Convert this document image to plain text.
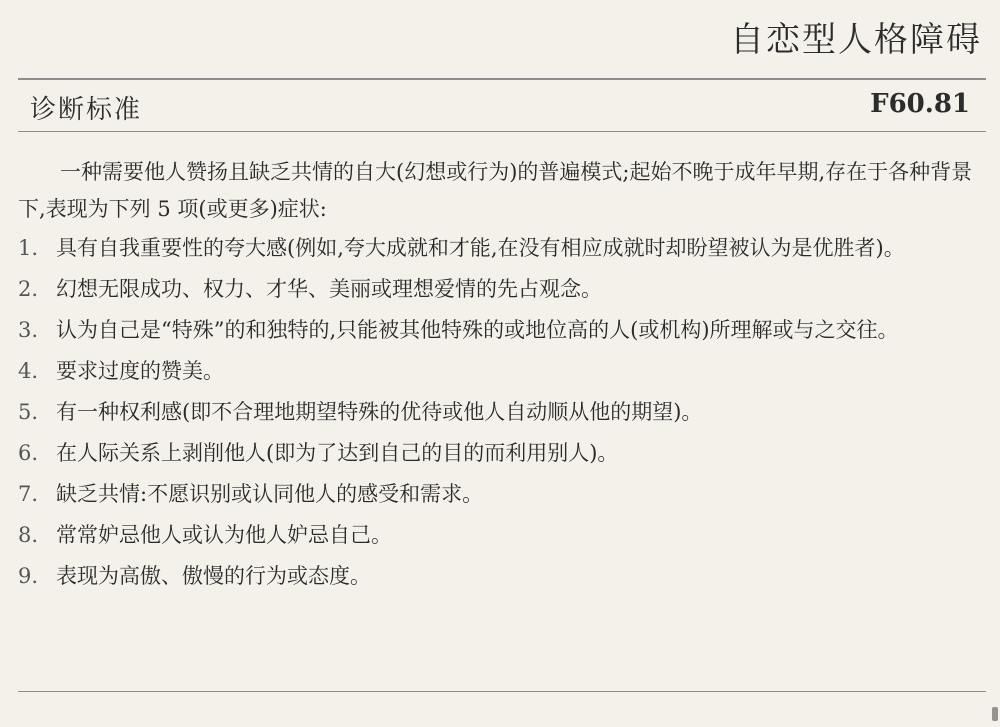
自恋型人格障碍
诊断标准	F60.81

一种需要他人赞扬且缺乏共情的自大(幻想或行为)的普遍模式;起始不晚于成年早期,存在于各种背景下,表现为下列 5 项(或更多)症状:

1. 具有自我重要性的夸大感(例如,夸大成就和才能,在没有相应成就时却盼望被认为是优胜者)。
2. 幻想无限成功、权力、才华、美丽或理想爱情的先占观念。
3. 认为自己是“特殊”的和独特的,只能被其他特殊的或地位高的人(或机构)所理解或与之交往。
4. 要求过度的赞美。
5. 有一种权利感(即不合理地期望特殊的优待或他人自动顺从他的期望)。
6. 在人际关系上剥削他人(即为了达到自己的目的而利用别人)。
7. 缺乏共情:不愿识别或认同他人的感受和需求。
8. 常常妒忌他人或认为他人妒忌自己。
9. 表现为高傲、傲慢的行为或态度。
